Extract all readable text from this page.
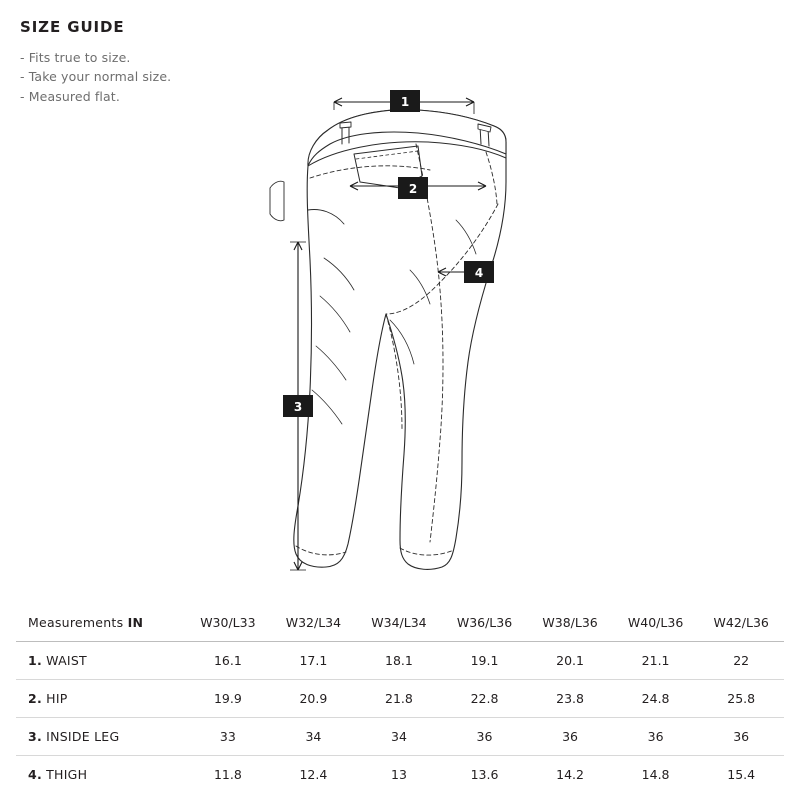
SIZE GUIDE
- Fits true to size.
- Take your normal size.
- Measured flat.	1
2
3
4
Measurements IN	W30/L33	W32/L34	W34/L34	W36/L36	W38/L36	W40/L36	W42/L36
1. WAIST	16.1	17.1	18.1	19.1	20.1	21.1	22
2. HIP	19.9	20.9	21.8	22.8	23.8	24.8	25.8
3. INSIDE LEG	33	34	34	36	36	36	36
4. THIGH	11.8	12.4	13	13.6	14.2	14.8	15.4
